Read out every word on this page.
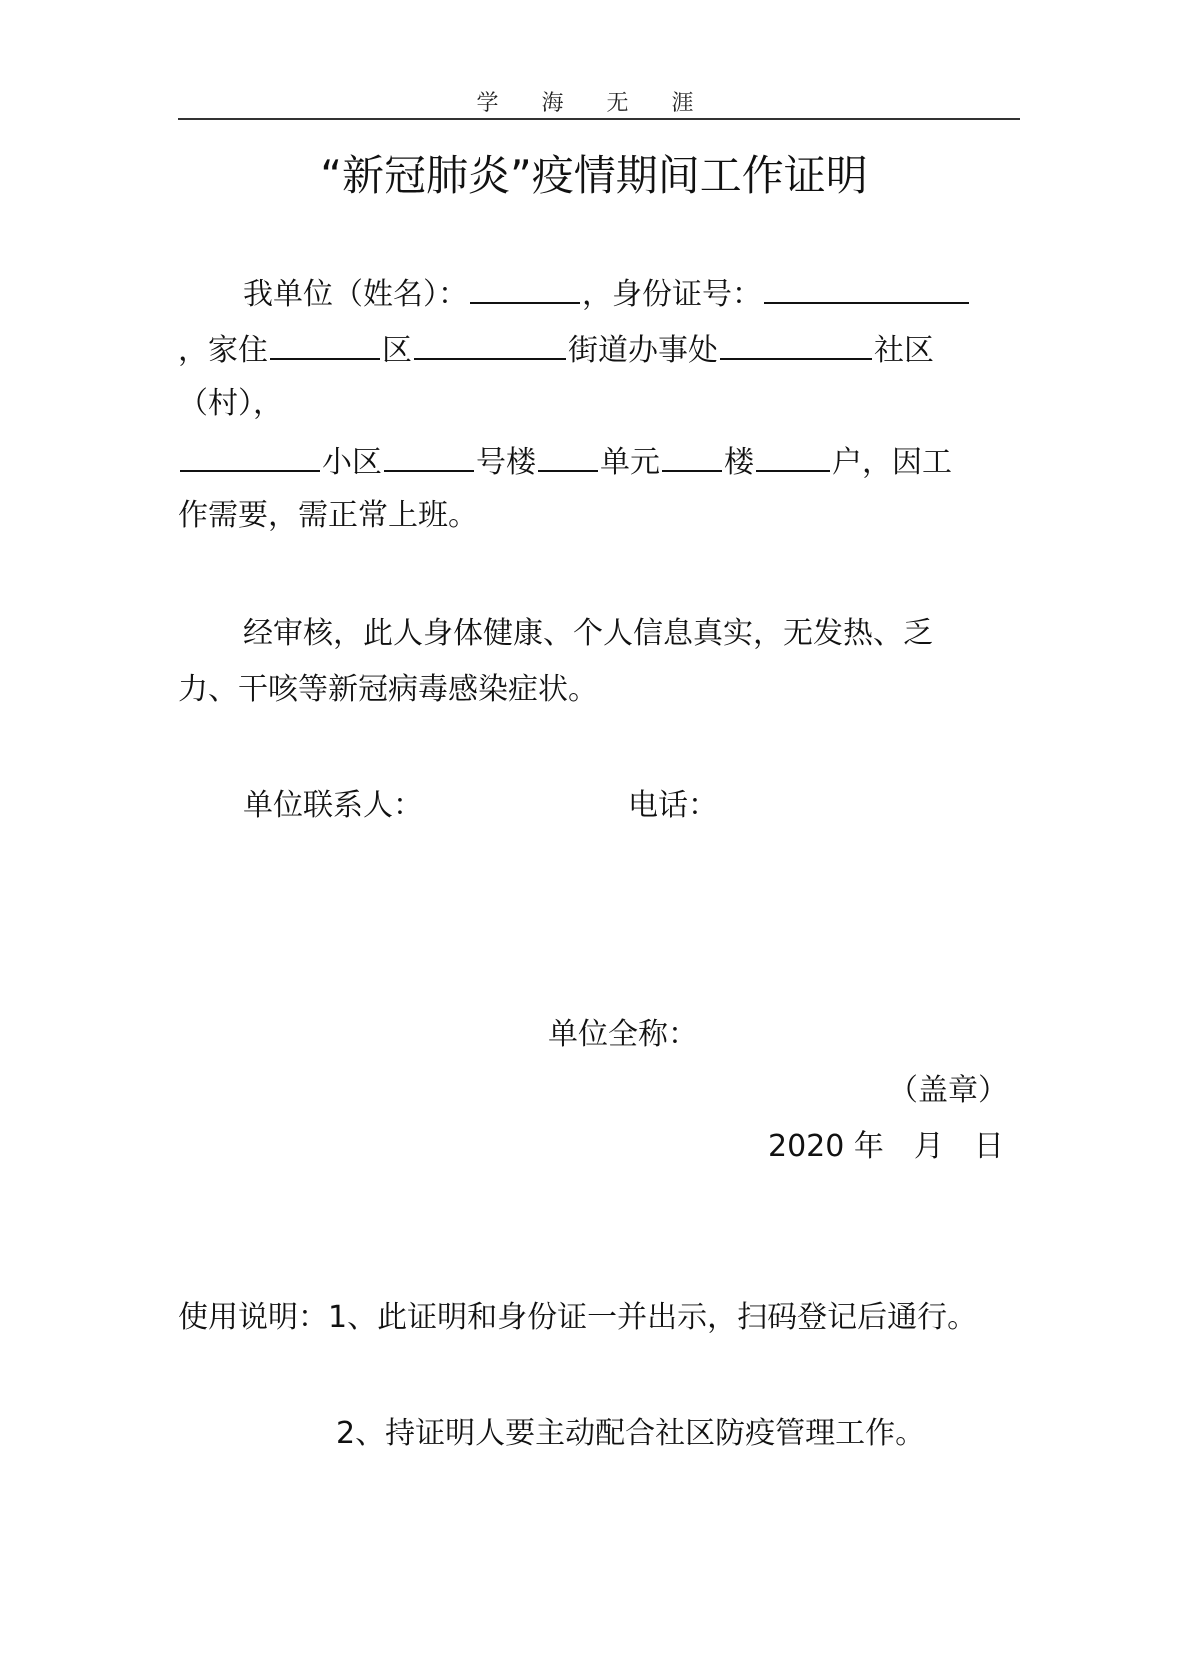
学 海 无 涯
“新冠肺炎”疫情期间工作证明
我单位（姓名）：	，身份证号：
，家住	区	街道办事处	社区
（村），
小区	号楼 单元 楼	户，因工
作需要，需正常上班。
经审核，此人身体健康、个人信息真实，无发热、乏
力、干咳等新冠病毒感染症状。
单位联系人：	电话：
单位全称：
（盖章）
2020 年　月　日
使用说明：1、此证明和身份证一并出示，扫码登记后通行。
2、持证明人要主动配合社区防疫管理工作。
